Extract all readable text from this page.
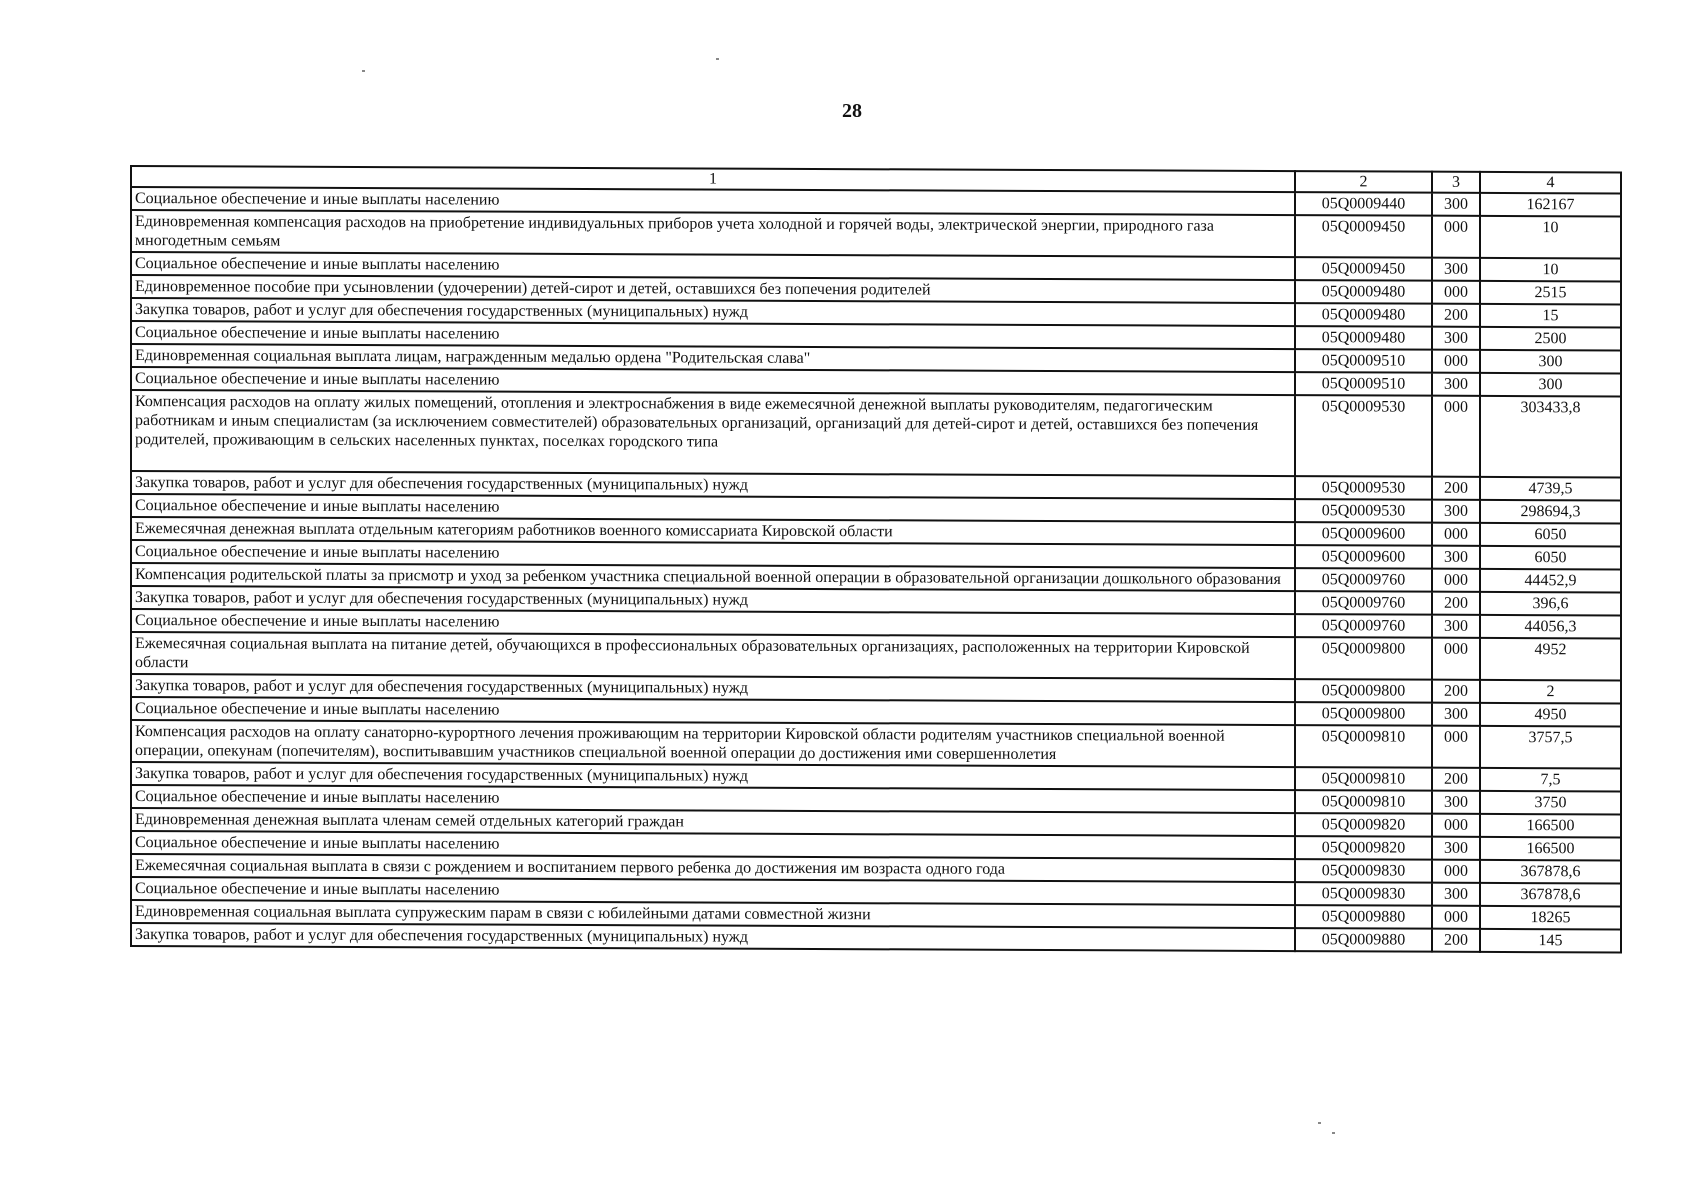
28
1	2	3	4
Социальное обеспечение и иные выплаты населению	05Q0009440	300	162167
Единовременная компенсация расходов на приобретение индивидуальных приборов учета холодной и горячей воды, электрической энергии, природного газа многодетным семьям	05Q0009450	000	10
Социальное обеспечение и иные выплаты населению	05Q0009450	300	10
Единовременное пособие при усыновлении (удочерении) детей-сирот и детей, оставшихся без попечения родителей	05Q0009480	000	2515
Закупка товаров, работ и услуг для обеспечения государственных (муниципальных) нужд	05Q0009480	200	15
Социальное обеспечение и иные выплаты населению	05Q0009480	300	2500
Единовременная социальная выплата лицам, награжденным медалью ордена "Родительская слава"	05Q0009510	000	300
Социальное обеспечение и иные выплаты населению	05Q0009510	300	300
Компенсация расходов на оплату жилых помещений, отопления и электроснабжения в виде ежемесячной денежной выплаты руководителям, педагогическим работникам и иным специалистам (за исключением совместителей) образовательных организаций, организаций для детей-сирот и детей, оставшихся без попечения родителей, проживающим в сельских населенных пунктах, поселках городского типа	05Q0009530	000	303433,8
Закупка товаров, работ и услуг для обеспечения государственных (муниципальных) нужд	05Q0009530	200	4739,5
Социальное обеспечение и иные выплаты населению	05Q0009530	300	298694,3
Ежемесячная денежная выплата отдельным категориям работников военного комиссариата Кировской области	05Q0009600	000	6050
Социальное обеспечение и иные выплаты населению	05Q0009600	300	6050
Компенсация родительской платы за присмотр и уход за ребенком участника специальной военной операции в образовательной организации дошкольного образования	05Q0009760	000	44452,9
Закупка товаров, работ и услуг для обеспечения государственных (муниципальных) нужд	05Q0009760	200	396,6
Социальное обеспечение и иные выплаты населению	05Q0009760	300	44056,3
Ежемесячная социальная выплата на питание детей, обучающихся в профессиональных образовательных организациях, расположенных на территории Кировской области	05Q0009800	000	4952
Закупка товаров, работ и услуг для обеспечения государственных (муниципальных) нужд	05Q0009800	200	2
Социальное обеспечение и иные выплаты населению	05Q0009800	300	4950
Компенсация расходов на оплату санаторно-курортного лечения проживающим на территории Кировской области родителям участников специальной военной операции, опекунам (попечителям), воспитывавшим участников специальной военной операции до достижения ими совершеннолетия	05Q0009810	000	3757,5
Закупка товаров, работ и услуг для обеспечения государственных (муниципальных) нужд	05Q0009810	200	7,5
Социальное обеспечение и иные выплаты населению	05Q0009810	300	3750
Единовременная денежная выплата членам семей отдельных категорий граждан	05Q0009820	000	166500
Социальное обеспечение и иные выплаты населению	05Q0009820	300	166500
Ежемесячная социальная выплата в связи с рождением и воспитанием первого ребенка до достижения им возраста одного года	05Q0009830	000	367878,6
Социальное обеспечение и иные выплаты населению	05Q0009830	300	367878,6
Единовременная социальная выплата супружеским парам в связи с юбилейными датами совместной жизни	05Q0009880	000	18265
Закупка товаров, работ и услуг для обеспечения государственных (муниципальных) нужд	05Q0009880	200	145
